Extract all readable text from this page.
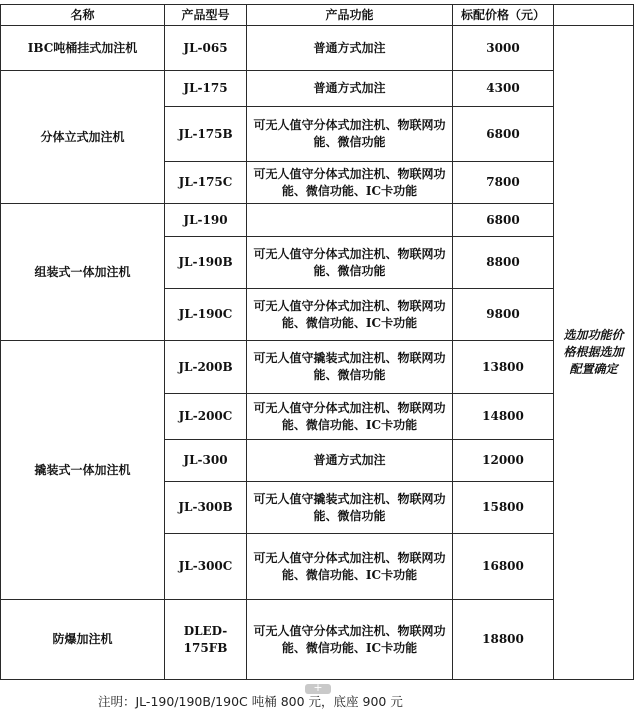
名称	产品型号	产品功能	标配价格（元）	
IBC吨桶挂式加注机	JL-065	普通方式加注	3000	选加功能价格根据选加配置确定
分体立式加注机	JL-175	普通方式加注	4300	
	JL-175B	可无人值守分体式加注机、物联网功能、微信功能	6800	
	JL-175C	可无人值守分体式加注机、物联网功能、微信功能、IC卡功能	7800	
组装式一体加注机	JL-190		6800	
	JL-190B	可无人值守分体式加注机、物联网功能、微信功能	8800	
	JL-190C	可无人值守分体式加注机、物联网功能、微信功能、IC卡功能	9800	
撬装式一体加注机	JL-200B	可无人值守撬装式加注机、物联网功能、微信功能	13800	
	JL-200C	可无人值守分体式加注机、物联网功能、微信功能、IC卡功能	14800	
	JL-300	普通方式加注	12000	
	JL-300B	可无人值守撬装式加注机、物联网功能、微信功能	15800	
	JL-300C	可无人值守分体式加注机、物联网功能、微信功能、IC卡功能	16800	
防爆加注机	DLED-175FB	可无人值守分体式加注机、物联网功能、微信功能、IC卡功能	18800	
+
注明：JL-190/190B/190C 吨桶 800 元，底座 900 元
